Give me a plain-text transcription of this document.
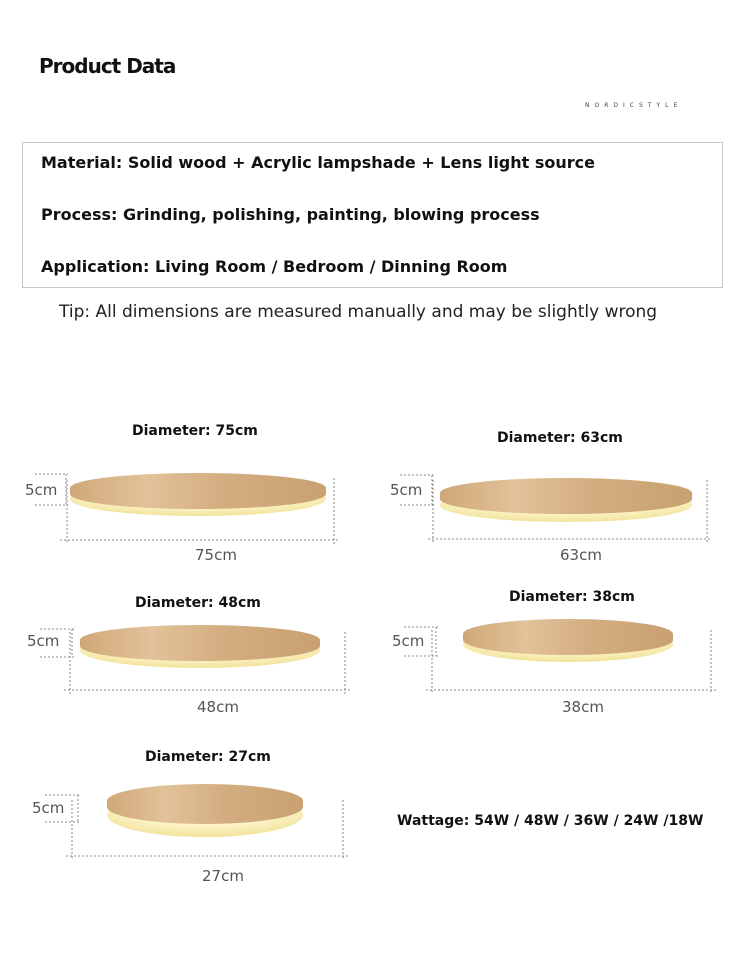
Product Data
NORDICSTYLE
Material: Solid wood + Acrylic lampshade + Lens light source
Process: Grinding, polishing, painting, blowing process
Application: Living Room / Bedroom / Dinning Room
Tip: All dimensions are measured manually and may be slightly wrong
Diameter: 75cm
5cm
75cm
Diameter: 63cm
5cm
63cm
Diameter: 48cm
5cm
48cm
Diameter: 38cm
5cm
38cm
Diameter: 27cm
5cm
27cm
Wattage: 54W / 48W / 36W / 24W /18W
